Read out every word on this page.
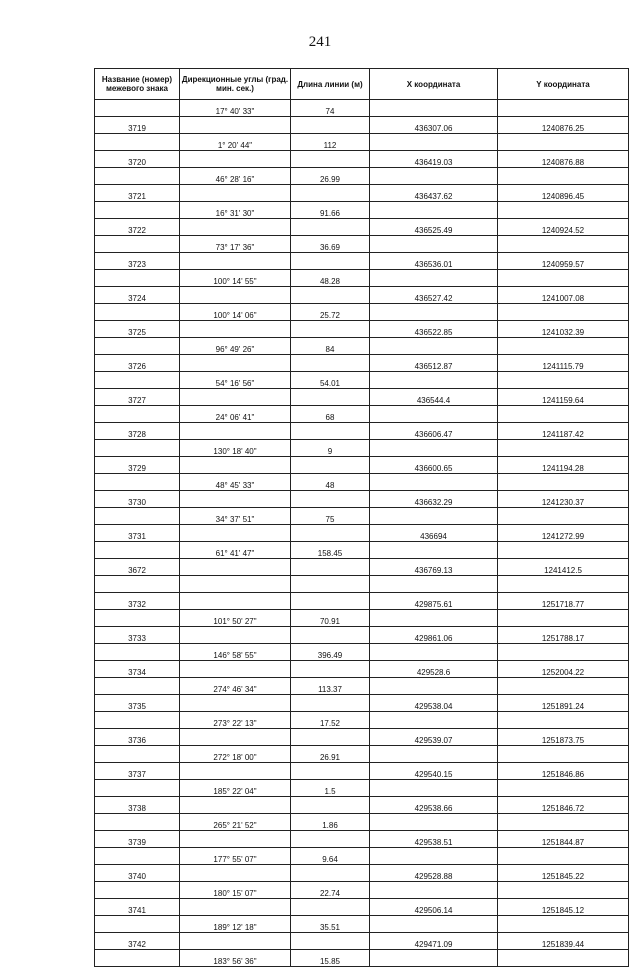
241
Название (номер) межевого знака	Дирекционные углы (град. мин. сек.)	Длина линии (м)	X координата	Y координата
	17° 40' 33"	74		
3719			436307.06	1240876.25
	1° 20' 44"	112		
3720			436419.03	1240876.88
	46° 28' 16"	26.99		
3721			436437.62	1240896.45
	16° 31' 30"	91.66		
3722			436525.49	1240924.52
	73° 17' 36"	36.69		
3723			436536.01	1240959.57
	100° 14' 55"	48.28		
3724			436527.42	1241007.08
	100° 14' 06"	25.72		
3725			436522.85	1241032.39
	96° 49' 26"	84		
3726			436512.87	1241115.79
	54° 16' 56"	54.01		
3727			436544.4	1241159.64
	24° 06' 41"	68		
3728			436606.47	1241187.42
	130° 18' 40"	9		
3729			436600.65	1241194.28
	48° 45' 33"	48		
3730			436632.29	1241230.37
	34° 37' 51"	75		
3731			436694	1241272.99
	61° 41' 47"	158.45		
3672			436769.13	1241412.5

3732			429875.61	1251718.77
	101° 50' 27"	70.91		
3733			429861.06	1251788.17
	146° 58' 55"	396.49		
3734			429528.6	1252004.22
	274° 46' 34"	113.37		
3735			429538.04	1251891.24
	273° 22' 13"	17.52		
3736			429539.07	1251873.75
	272° 18' 00"	26.91		
3737			429540.15	1251846.86
	185° 22' 04"	1.5		
3738			429538.66	1251846.72
	265° 21' 52"	1.86		
3739			429538.51	1251844.87
	177° 55' 07"	9.64		
3740			429528.88	1251845.22
	180° 15' 07"	22.74		
3741			429506.14	1251845.12
	189° 12' 18"	35.51		
3742			429471.09	1251839.44
	183° 56' 36"	15.85		
